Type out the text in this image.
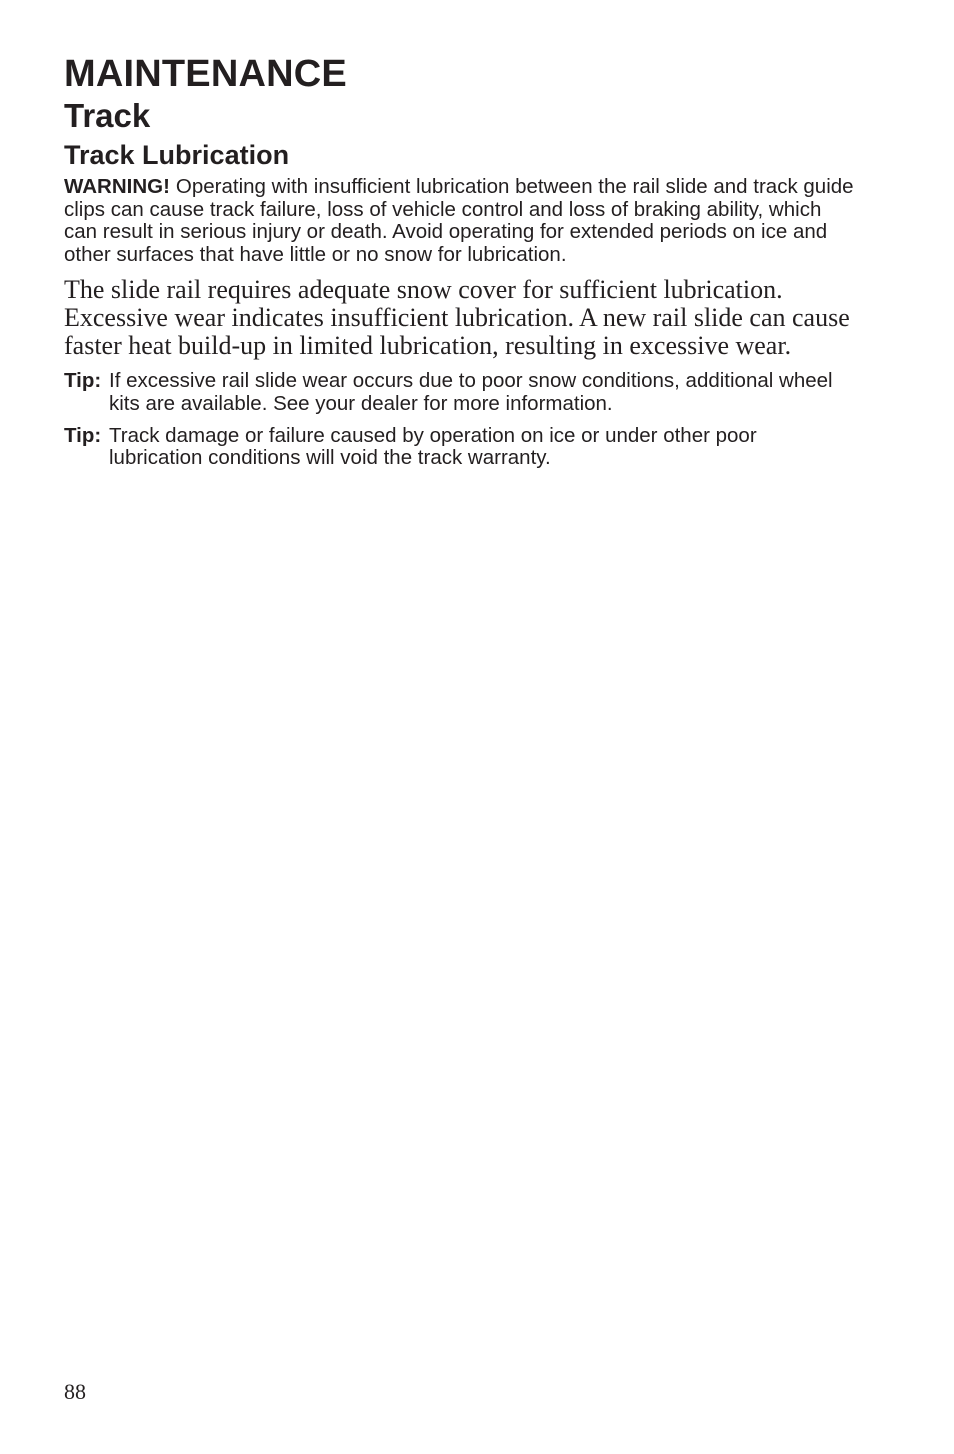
MAINTENANCE
Track
Track Lubrication

WARNING! Operating with insufficient lubrication between the rail slide and track guide clips can cause track failure, loss of vehicle control and loss of braking ability, which can result in serious injury or death. Avoid operating for extended periods on ice and other surfaces that have little or no snow for lubrication.

The slide rail requires adequate snow cover for sufficient lubrication. Excessive wear indicates insufficient lubrication. A new rail slide can cause faster heat build-up in limited lubrication, resulting in excessive wear.

Tip: If excessive rail slide wear occurs due to poor snow conditions, additional wheel kits are available. See your dealer for more information.
Tip: Track damage or failure caused by operation on ice or under other poor lubrication conditions will void the track warranty.
88
